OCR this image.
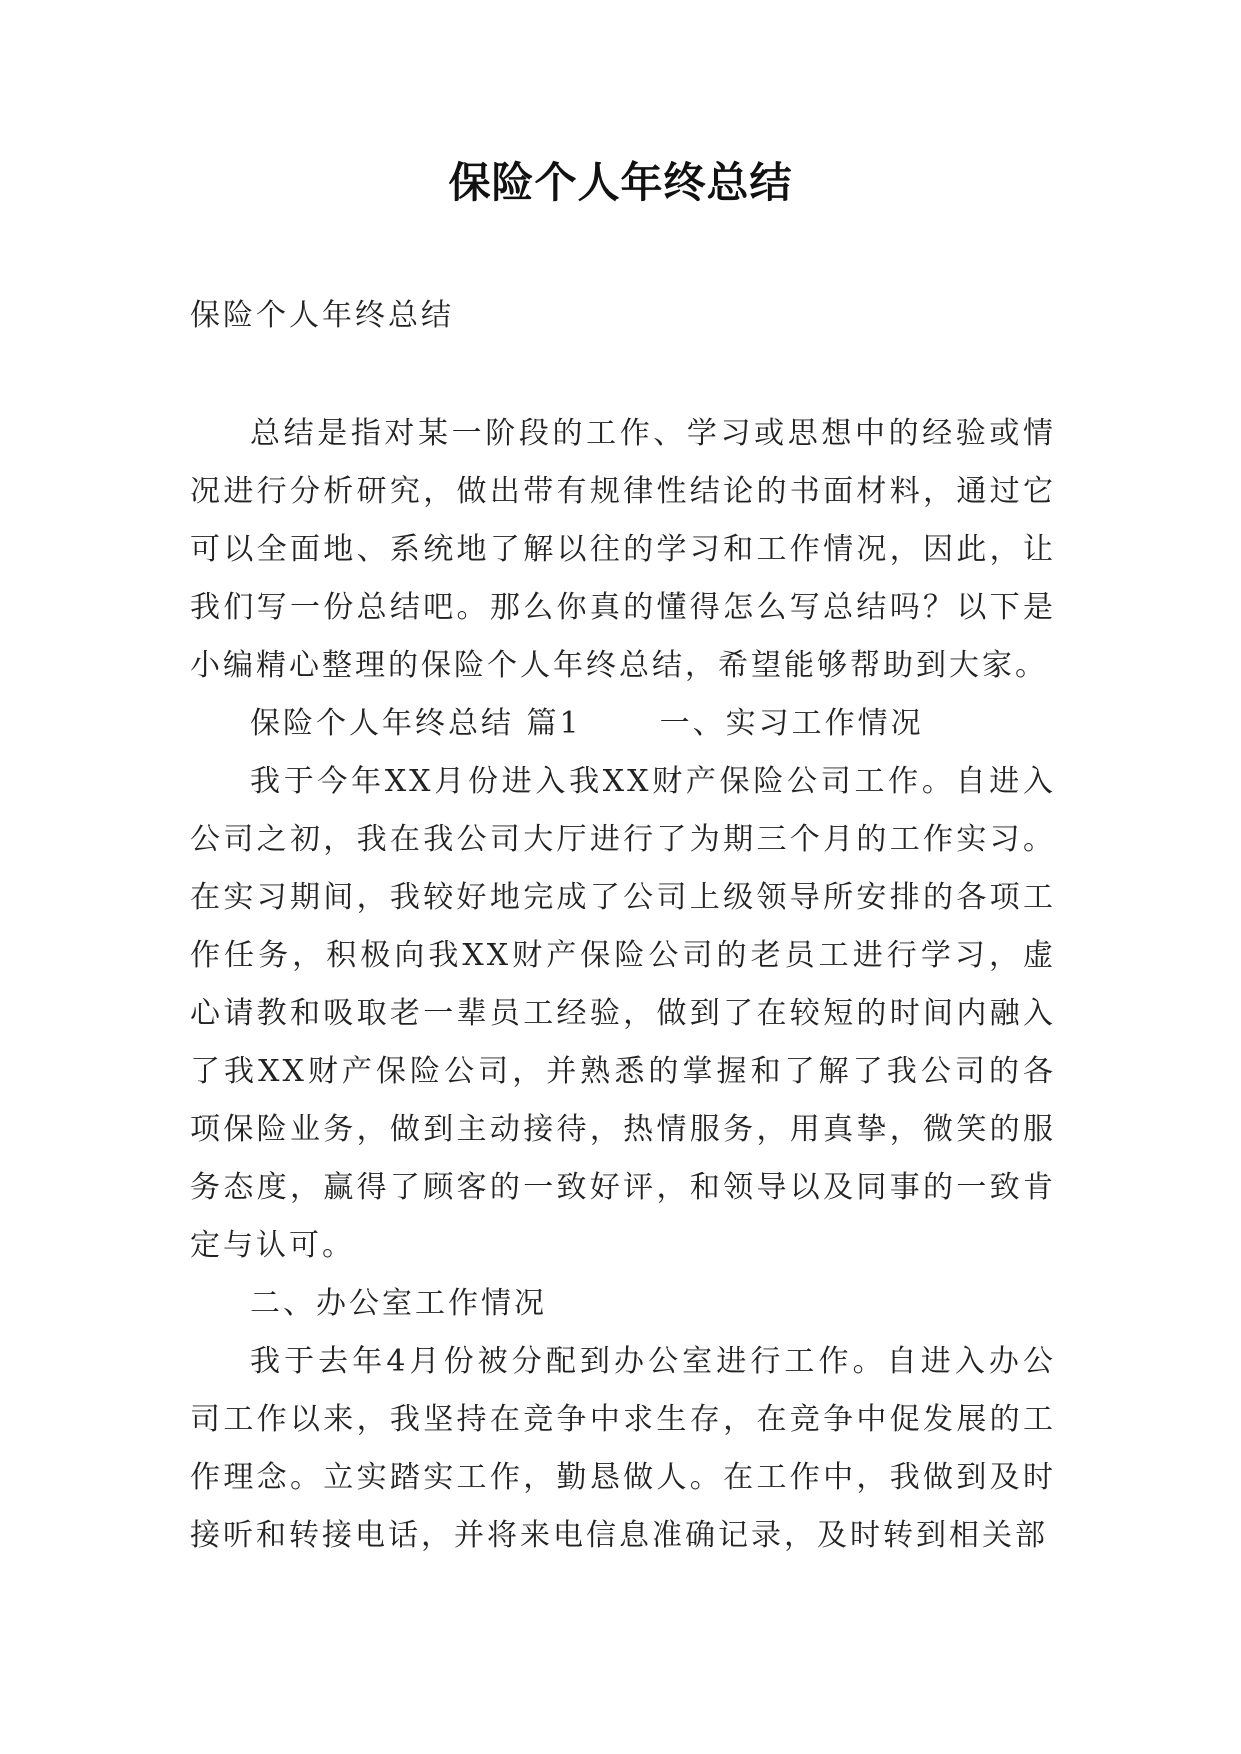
保险个人年终总结

保险个人年终总结

总结是指对某一阶段的工作、学习或思想中的经验或情况进行分析研究，做出带有规律性结论的书面材料，通过它可以全面地、系统地了解以往的学习和工作情况，因此，让我们写一份总结吧。那么你真的懂得怎么写总结吗？以下是小编精心整理的保险个人年终总结，希望能够帮助到大家。

保险个人年终总结 篇1	一、实习工作情况

我于今年XX月份进入我XX财产保险公司工作。自进入公司之初，我在我公司大厅进行了为期三个月的工作实习。在实习期间，我较好地完成了公司上级领导所安排的各项工作任务，积极向我XX财产保险公司的老员工进行学习，虚心请教和吸取老一辈员工经验，做到了在较短的时间内融入了我XX财产保险公司，并熟悉的掌握和了解了我公司的各项保险业务，做到主动接待，热情服务，用真挚，微笑的服务态度，赢得了顾客的一致好评，和领导以及同事的一致肯定与认可。

二、办公室工作情况

我于去年4月份被分配到办公室进行工作。自进入办公司工作以来，我坚持在竞争中求生存，在竞争中促发展的工作理念。立实踏实工作，勤恳做人。在工作中，我做到及时接听和转接电话，并将来电信息准确记录，及时转到相关部
